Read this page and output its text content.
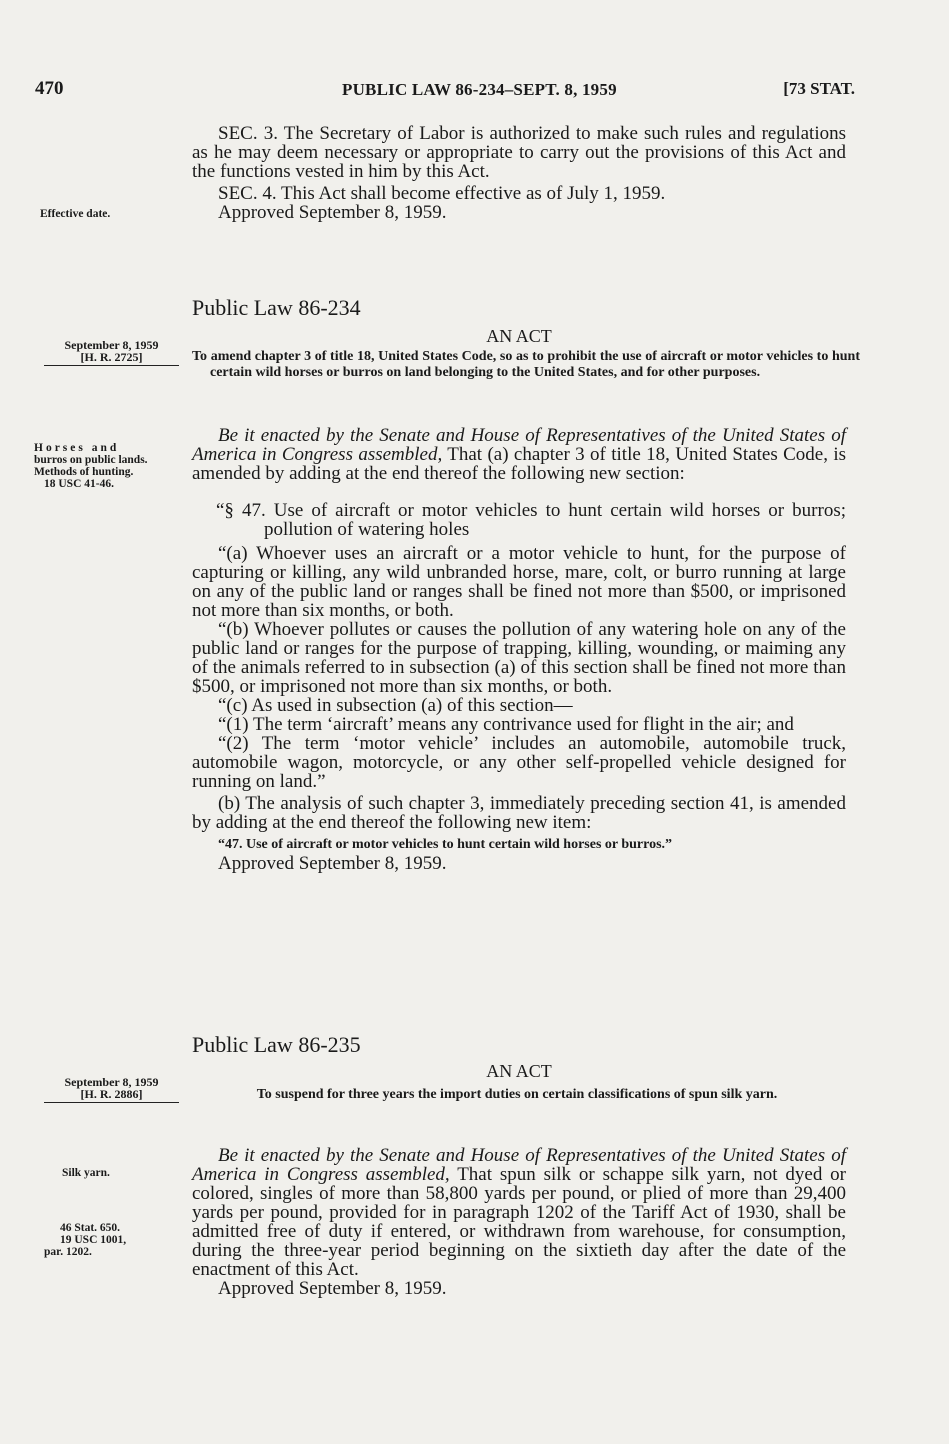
470	PUBLIC LAW 86-234–SEPT. 8, 1959	[73 STAT.

SEC. 3. The Secretary of Labor is authorized to make such rules and regulations as he may deem necessary or appropriate to carry out the provisions of this Act and the functions vested in him by this Act.

SEC. 4. This Act shall become effective as of July 1, 1959.

Approved September 8, 1959.

Effective date.
Public Law 86-234
AN ACT
September 8, 1959
[H. R. 2725]	To amend chapter 3 of title 18, United States Code, so as to prohibit the use of aircraft or motor vehicles to hunt certain wild horses or burros on land belonging to the United States, and for other purposes.

Be it enacted by the Senate and House of Representatives of the United States of America in Congress assembled, That (a) chapter 3 of title 18, United States Code, is amended by adding at the end thereof the following new section:

“§ 47. Use of aircraft or motor vehicles to hunt certain wild horses or burros; pollution of watering holes

“(a) Whoever uses an aircraft or a motor vehicle to hunt, for the purpose of capturing or killing, any wild unbranded horse, mare, colt, or burro running at large on any of the public land or ranges shall be fined not more than $500, or imprisoned not more than six months, or both.

“(b) Whoever pollutes or causes the pollution of any watering hole on any of the public land or ranges for the purpose of trapping, killing, wounding, or maiming any of the animals referred to in subsection (a) of this section shall be fined not more than $500, or imprisoned not more than six months, or both.

“(c) As used in subsection (a) of this section—

“(1) The term ‘aircraft’ means any contrivance used for flight in the air; and

“(2) The term ‘motor vehicle’ includes an automobile, automobile truck, automobile wagon, motorcycle, or any other self-propelled vehicle designed for running on land.”

(b) The analysis of such chapter 3, immediately preceding section 41, is amended by adding at the end thereof the following new item:

“47. Use of aircraft or motor vehicles to hunt certain wild horses or burros.”

Approved September 8, 1959.

Horses and
burros on public lands.
Methods of hunting.
18 USC 41-46.
Public Law 86-235
AN ACT
September 8, 1959
[H. R. 2886]	To suspend for three years the import duties on certain classifications of spun silk yarn.

Be it enacted by the Senate and House of Representatives of the United States of America in Congress assembled, That spun silk or schappe silk yarn, not dyed or colored, singles of more than 58,800 yards per pound, or plied of more than 29,400 yards per pound, provided for in paragraph 1202 of the Tariff Act of 1930, shall be admitted free of duty if entered, or withdrawn from warehouse, for consumption, during the three-year period beginning on the sixtieth day after the date of the enactment of this Act.

Approved September 8, 1959.

Silk yarn.
46 Stat. 650.
19 USC 1001,
par. 1202.
